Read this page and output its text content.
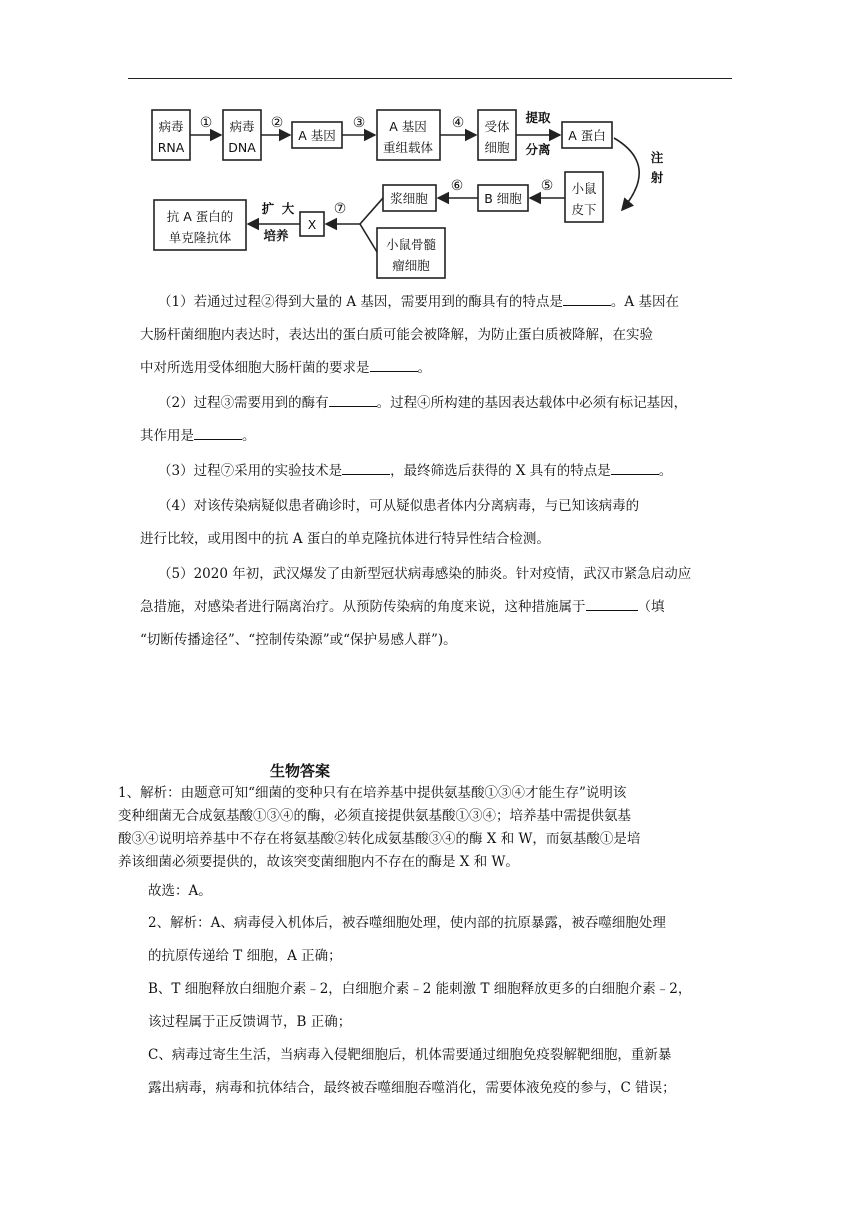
病毒
RNA
病毒
DNA
A 基因
A 基因
重组载体
受体
细胞
A 蛋白
小鼠
皮下
B 细胞
浆细胞
小鼠骨髓
瘤细胞
X
抗 A 蛋白的
单克隆抗体
①	②	③	④
⑤
⑥
⑦
提取
分离
注
射
扩 大
培养
（1）若通过过程②得到大量的 A 基因，需要用到的酶具有的特点是	。A 基因在
大肠杆菌细胞内表达时，表达出的蛋白质可能会被降解，为防止蛋白质被降解，在实验
中对所选用受体细胞大肠杆菌的要求是	。
（2）过程③需要用到的酶有	。过程④所构建的基因表达载体中必须有标记基因，
其作用是	。
（3）过程⑦采用的实验技术是	，最终筛选后获得的 X 具有的特点是	。
（4）对该传染病疑似患者确诊时，可从疑似患者体内分离病毒，与已知该病毒的
进行比较，或用图中的抗 A 蛋白的单克隆抗体进行特异性结合检测。
（5）2020 年初，武汉爆发了由新型冠状病毒感染的肺炎。针对疫情，武汉市紧急启动应
急措施，对感染者进行隔离治疗。从预防传染病的角度来说，这种措施属于	（填
“切断传播途径”、“控制传染源”或“保护易感人群”)。
生物答案
1、解析：由题意可知“细菌的变种只有在培养基中提供氨基酸①③④才能生存”说明该
变种细菌无合成氨基酸①③④的酶，必须直接提供氨基酸①③④；培养基中需提供氨基
酸③④说明培养基中不存在将氨基酸②转化成氨基酸③④的酶 X 和 W，而氨基酸①是培
养该细菌必须要提供的，故该突变菌细胞内不存在的酶是 X 和 W。
故选：A。
2、解析：A、病毒侵入机体后，被吞噬细胞处理，使内部的抗原暴露，被吞噬细胞处理
的抗原传递给 T 细胞，A 正确；
B、T 细胞释放白细胞介素﹣2，白细胞介素﹣2 能刺激 T 细胞释放更多的白细胞介素﹣2，
该过程属于正反馈调节，B 正确；
C、病毒过寄生生活，当病毒入侵靶细胞后，机体需要通过细胞免疫裂解靶细胞，重新暴
露出病毒，病毒和抗体结合，最终被吞噬细胞吞噬消化，需要体液免疫的参与，C 错误；
